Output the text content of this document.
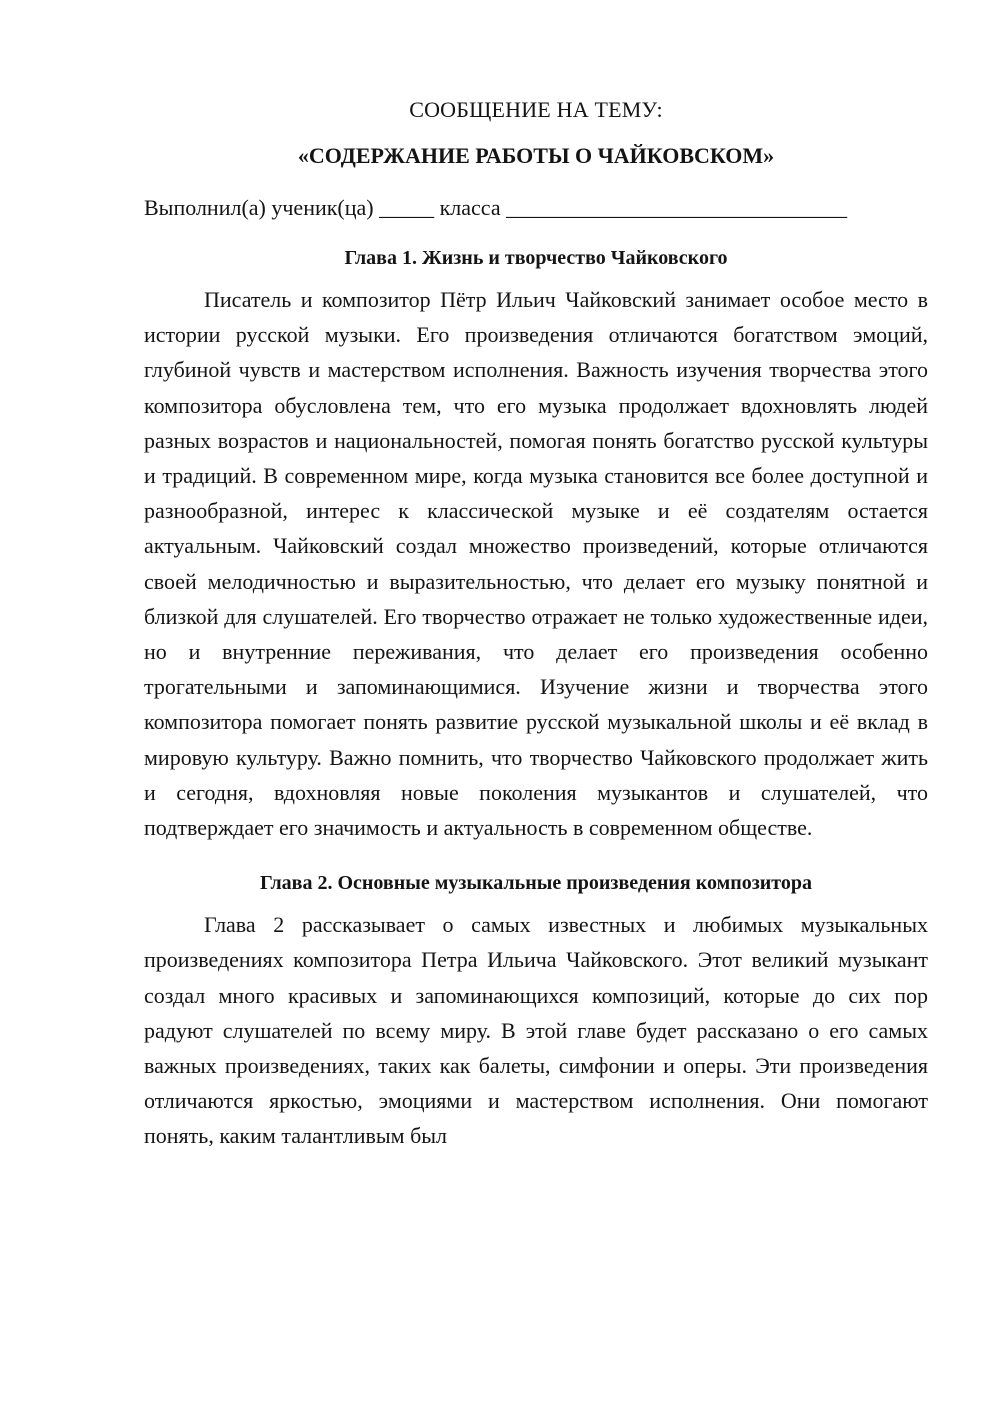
СООБЩЕНИЕ НА ТЕМУ:

«СОДЕРЖАНИЕ РАБОТЫ О ЧАЙКОВСКОМ»

Выполнил(а) ученик(ца) _____ класса _______________________________
Глава 1. Жизнь и творчество Чайковского

Писатель и композитор Пётр Ильич Чайковский занимает особое место в истории русской музыки. Его произведения отличаются богатством эмоций, глубиной чувств и мастерством исполнения. Важность изучения творчества этого композитора обусловлена тем, что его музыка продолжает вдохновлять людей разных возрастов и национальностей, помогая понять богатство русской культуры и традиций. В современном мире, когда музыка становится все более доступной и разнообразной, интерес к классической музыке и её создателям остается актуальным. Чайковский создал множество произведений, которые отличаются своей мелодичностью и выразительностью, что делает его музыку понятной и близкой для слушателей. Его творчество отражает не только художественные идеи, но и внутренние переживания, что делает его произведения особенно трогательными и запоминающимися. Изучение жизни и творчества этого композитора помогает понять развитие русской музыкальной школы и её вклад в мировую культуру. Важно помнить, что творчество Чайковского продолжает жить и сегодня, вдохновляя новые поколения музыкантов и слушателей, что подтверждает его значимость и актуальность в современном обществе.

Глава 2. Основные музыкальные произведения композитора

Глава 2 рассказывает о самых известных и любимых музыкальных произведениях композитора Петра Ильича Чайковского. Этот великий музыкант создал много красивых и запоминающихся композиций, которые до сих пор радуют слушателей по всему миру. В этой главе будет рассказано о его самых важных произведениях, таких как балеты, симфонии и оперы. Эти произведения отличаются яркостью, эмоциями и мастерством исполнения. Они помогают понять, каким талантливым был
